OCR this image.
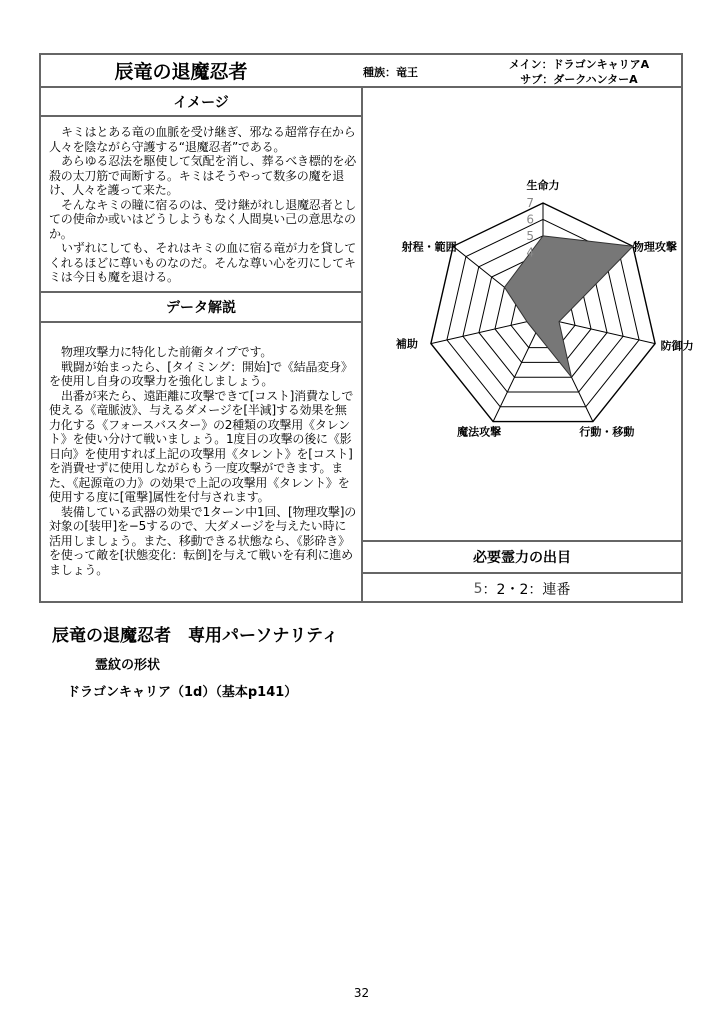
辰竜の退魔忍者	種族：竜王
メイン：ドラゴンキャリアA
サブ：ダークハンターA
イメージ

キミはとある竜の血脈を受け継ぎ、邪なる超常存在から人々を陰ながら守護する“退魔忍者”である。

あらゆる忍法を駆使して気配を消し、葬るべき標的を必殺の太刀筋で両断する。キミはそうやって数多の魔を退け、人々を護って来た。

そんなキミの瞳に宿るのは、受け継がれし退魔忍者としての使命か或いはどうしようもなく人間臭い己の意思なのか。

いずれにしても、それはキミの血に宿る竜が力を貸してくれるほどに尊いものなのだ。そんな尊い心を刃にしてキミは今日も魔を退ける。

データ解説

物理攻撃力に特化した前衛タイプです。

戦闘が始まったら、[タイミング：開始]で《結晶変身》を使用し自身の攻撃力を強化しましょう。

出番が来たら、遠距離に攻撃できて[コスト]消費なしで使える《竜脈波》、与えるダメージを[半減]する効果を無力化する《フォースバスター》の2種類の攻撃用《タレント》を使い分けて戦いましょう。1度目の攻撃の後に《影日向》を使用すれば上記の攻撃用《タレント》を[コスト]を消費せずに使用しながらもう一度攻撃ができます。また、《起源竜の力》の効果で上記の攻撃用《タレント》を使用する度に[電撃]属性を付与されます。

装備している武器の効果で1ターン中1回、[物理攻撃]の対象の[装甲]を−5するので、大ダメージを与えたい時に活用しましょう。また、移動できる状態なら、《影砕き》を使って敵を[状態変化：転倒]を与えて戦いを有利に進めましょう。

7
6
5
4
生命力
物理攻撃
防御力
行動・移動
魔法攻撃
補助
射程・範囲
必要霊力の出目
5 ：2・2：連番
辰竜の退魔忍者　専用パーソナリティ
霊紋の形状
ドラゴンキャリア（1d）（基本p141）
32
